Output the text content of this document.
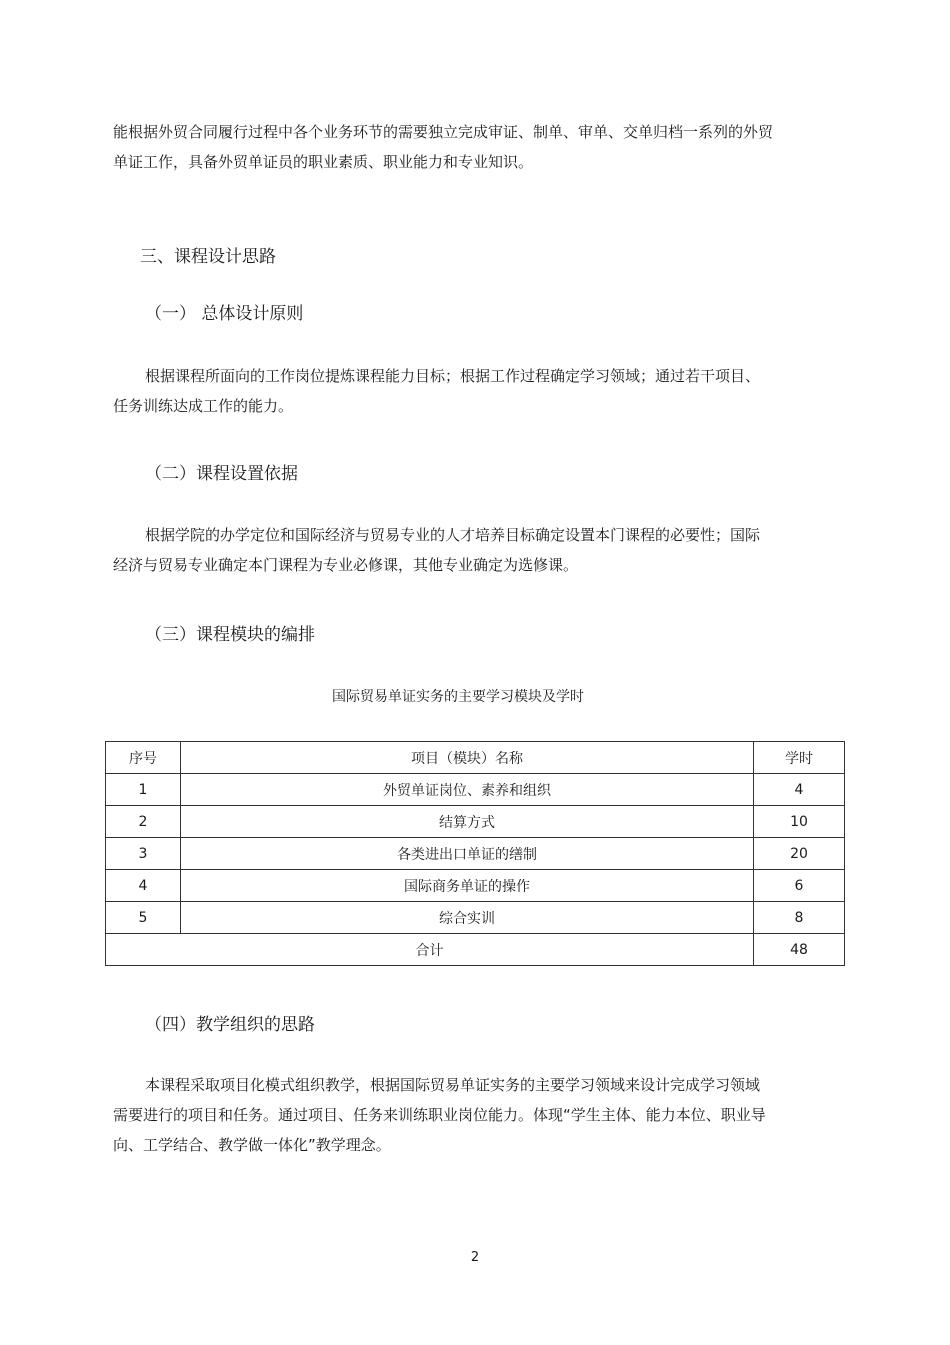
能根据外贸合同履行过程中各个业务环节的需要独立完成审证、制单、审单、交单归档一系列的外贸单证工作，具备外贸单证员的职业素质、职业能力和专业知识。

三、课程设计思路
（一） 总体设计原则

根据课程所面向的工作岗位提炼课程能力目标；根据工作过程确定学习领域；通过若干项目、任务训练达成工作的能力。

（二）课程设置依据

根据学院的办学定位和国际经济与贸易专业的人才培养目标确定设置本门课程的必要性；国际经济与贸易专业确定本门课程为专业必修课，其他专业确定为选修课。

（三）课程模块的编排

国际贸易单证实务的主要学习模块及学时

序号	项目（模块）名称	学时
1	外贸单证岗位、素养和组织	4
2	结算方式	10
3	各类进出口单证的缮制	20
4	国际商务单证的操作	6
5	综合实训	8
合计		48
（四）教学组织的思路

本课程采取项目化模式组织教学，根据国际贸易单证实务的主要学习领域来设计完成学习领域需要进行的项目和任务。通过项目、任务来训练职业岗位能力。体现“学生主体、能力本位、职业导向、工学结合、教学做一体化”教学理念。

2
